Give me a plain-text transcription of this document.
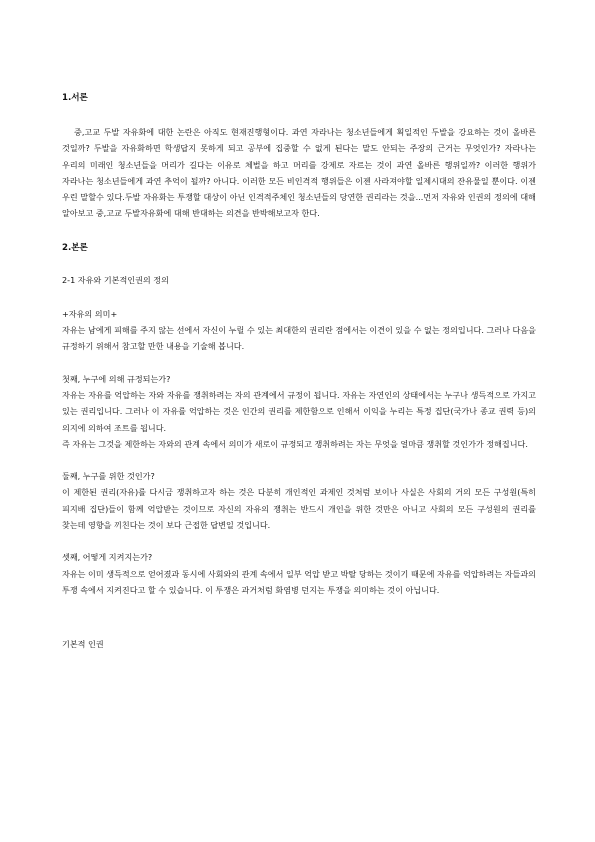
1.서론

중,고교 두발 자유화에 대한 논란은 아직도 현재진행형이다. 과연 자라나는 청소년들에게 획일적인 두발을 강요하는 것이 올바른 것일까? 두발을 자유화하면 학생답지 못하게 되고 공부에 집중할 수 없게 된다는 말도 안되는 주장의 근거는 무엇인가? 자라나는 우리의 미래인 청소년들을 머리가 길다는 이유로 체벌을 하고 머리를 강제로 자르는 것이 과연 올바른 행위일까? 이러한 행위가 자라나는 청소년들에게 과연 추억이 될까? 아니다. 이러한 모든 비인격적 행위들은 이젠 사라져야할 일제시대의 잔유물일 뿐이다. 이젠 우린 말할수 있다.두발 자유화는 투쟁할 대상이 아닌 인격적주체인 청소년들의 당연한 권리라는 것을...먼저 자유와 인권의 정의에 대해 알아보고 중,고교 두발자유화에 대해 반대하는 의견을 반박해보고자 한다.

2.본론

2-1 자유와 기본적인권의 정의

+자유의 의미+

자유는 남에게 피해를 주지 않는 선에서 자신이 누릴 수 있는 최대한의 권리란 점에서는 이견이 있을 수 없는 정의입니다. 그러나 다음을 규정하기 위해서 참고할 만한 내용을 기술해 봅니다.

첫째, 누구에 의해 규정되는가?

자유는 자유를 억압하는 자와 자유를 쟁취하려는 자의 관계에서 규정이 됩니다. 자유는 자연인의 상태에서는 누구나 생득적으로 가지고 있는 권리입니다. 그러나 이 자유를 억압하는 것은 인간의 권리를 제한함으로 인해서 이익을 누리는 특정 집단(국가나 종교 권력 등)의 의지에 의하여 조트를 됩니다.

즉 자유는 그것을 제한하는 자와의 관계 속에서 의미가 새로이 규정되고 쟁취하려는 자는 무엇을 얼마큼 쟁취할 것인가가 정해집니다.

둘째, 누구를 위한 것인가?

이 제한된 권리(자유)를 다시금 쟁취하고자 하는 것은 다분히 개인적인 과제인 것처럼 보이나 사실은 사회의 거의 모든 구성원(특히 피지배 집단)들이 함께 억압받는 것이므로 자신의 자유의 쟁취는 반드시 개인을 위한 것만은 아니고 사회의 모든 구성원의 권리를 찾는데 영향을 끼친다는 것이 보다 근접한 답변일 것입니다.

셋째, 어떻게 지켜지는가?

자유는 이미 생득적으로 얻어졌과 동시에 사회와의 관계 속에서 일부 억압 받고 박탈 당하는 것이기 때문에 자유를 억압하려는 자들과의 투쟁 속에서 지켜진다고 할 수 있습니다. 이 투쟁은 과거처럼 화염병 던지는 투쟁을 의미하는 것이 아닙니다.

기본적 인권
